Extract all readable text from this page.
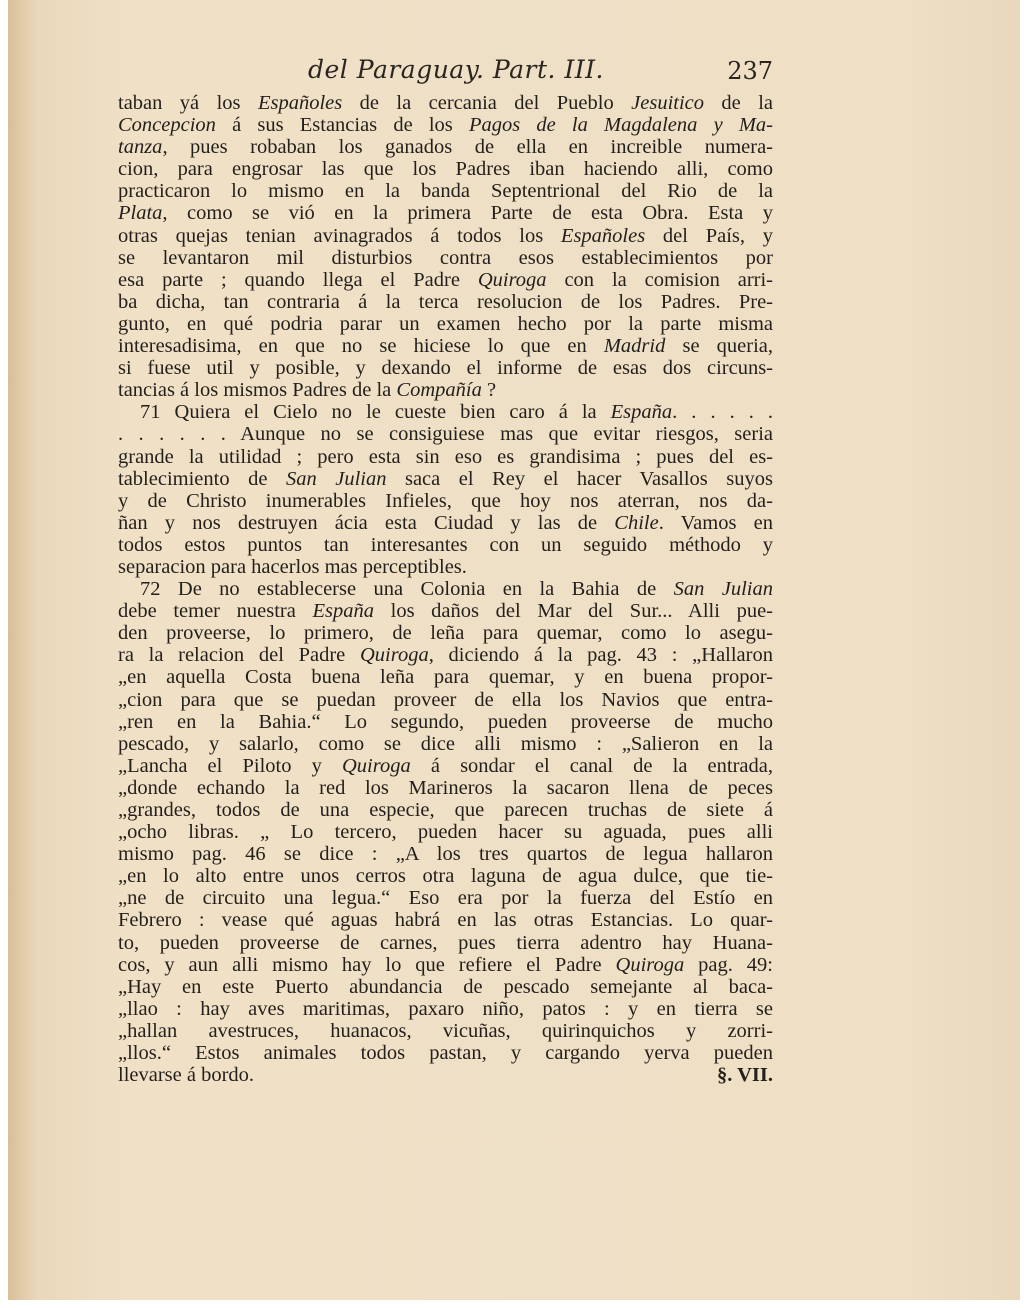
del Paraguay. Part. III.	237
taban yá los Españoles de la cercania del Pueblo Jesuitico de la
Concepcion á sus Estancias de los Pagos de la Magdalena y Ma-
tanza, pues robaban los ganados de ella en increible numera-
cion, para engrosar las que los Padres iban haciendo alli, como
practicaron lo mismo en la banda Septentrional del Rio de la
Plata, como se vió en la primera Parte de esta Obra. Esta y
otras quejas tenian avinagrados á todos los Españoles del País, y
se levantaron mil disturbios contra esos establecimientos por
esa parte ; quando llega el Padre Quiroga con la comision arri-
ba dicha, tan contraria á la terca resolucion de los Padres. Pre-
gunto, en qué podria parar un examen hecho por la parte misma
interesadisima, en que no se hiciese lo que en Madrid se queria,
si fuese util y posible, y dexando el informe de esas dos circuns-
tancias á los mismos Padres de la Compañía ?
71 Quiera el Cielo no le cueste bien caro á la España. . . . . .
. . . . . . Aunque no se consiguiese mas que evitar riesgos, seria
grande la utilidad ; pero esta sin eso es grandisima ; pues del es-
tablecimiento de San Julian saca el Rey el hacer Vasallos suyos
y de Christo inumerables Infieles, que hoy nos aterran, nos da-
ñan y nos destruyen ácia esta Ciudad y las de Chile. Vamos en
todos estos puntos tan interesantes con un seguido méthodo y
separacion para hacerlos mas perceptibles.
72 De no establecerse una Colonia en la Bahia de San Julian
debe temer nuestra España los daños del Mar del Sur... Alli pue-
den proveerse, lo primero, de leña para quemar, como lo asegu-
ra la relacion del Padre Quiroga, diciendo á la pag. 43 : „Hallaron
„en aquella Costa buena leña para quemar, y en buena propor-
„cion para que se puedan proveer de ella los Navios que entra-
„ren en la Bahia.“ Lo segundo, pueden proveerse de mucho
pescado, y salarlo, como se dice alli mismo : „Salieron en la
„Lancha el Piloto y Quiroga á sondar el canal de la entrada,
„donde echando la red los Marineros la sacaron llena de peces
„grandes, todos de una especie, que parecen truchas de siete á
„ocho libras. „ Lo tercero, pueden hacer su aguada, pues alli
mismo pag. 46 se dice : „A los tres quartos de legua hallaron
„en lo alto entre unos cerros otra laguna de agua dulce, que tie-
„ne de circuito una legua.“ Eso era por la fuerza del Estío en
Febrero : vease qué aguas habrá en las otras Estancias. Lo quar-
to, pueden proveerse de carnes, pues tierra adentro hay Huana-
cos, y aun alli mismo hay lo que refiere el Padre Quiroga pag. 49:
„Hay en este Puerto abundancia de pescado semejante al baca-
„llao : hay aves maritimas, paxaro niño, patos : y en tierra se
„hallan avestruces, huanacos, vicuñas, quirinquichos y zorri-
„llos.“ Estos animales todos pastan, y cargando yerva pueden
§. VII.
llevarse á bordo.
